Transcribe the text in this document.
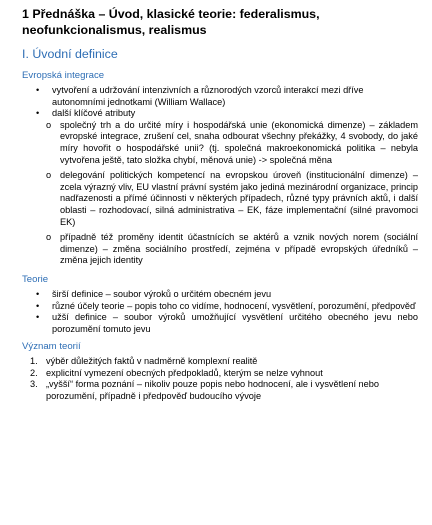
1 Přednáška – Úvod, klasické teorie: federalismus, neofunkcionalismus, realismus
I. Úvodní definice
Evropská integrace
• vytvoření a udržování intenzivních a různorodých vzorců interakcí mezi dříve autonomními jednotkami (William Wallace)
• další klíčové atributy
o společný trh a do určité míry i hospodářská unie (ekonomická dimenze) – základem evropské integrace, zrušení cel, snaha odbourat všechny překážky, 4 svobody, do jaké míry hovořit o hospodářské unii? (tj. společná makroekonomická politika – nebyla vytvořena ještě, tato složka chybí, měnová unie) -> společná měna
o delegování politických kompetencí na evropskou úroveň (institucionální dimenze) – zcela výrazný vliv, EU vlastní právní systém jako jediná mezinárodní organizace, princip nadřazenosti a přímé účinnosti v některých případech, různé typy právních aktů, i další oblasti – rozhodovací, silná administrativa – EK, fáze implementační (silné pravomoci EK)
o případně též proměny identit účastnících se aktérů a vznik nových norem (sociální dimenze) – změna sociálního prostředí, zejména v případě evropských úředníků – změna jejich identity
Teorie
• širší definice – soubor výroků o určitém obecném jevu
• různé účely teorie – popis toho co vidíme, hodnocení, vysvětlení, porozumění, předpověď
• užší definice – soubor výroků umožňující vysvětlení určitého obecného jevu nebo porozumění tomuto jevu
Význam teorií
1. výběr důležitých faktů v nadměrně komplexní realitě
2. explicitní vymezení obecných předpokladů, kterým se nelze vyhnout
3. „vyšší“ forma poznání – nikoliv pouze popis nebo hodnocení, ale i vysvětlení nebo porozumění, případně i předpověď budoucího vývoje
